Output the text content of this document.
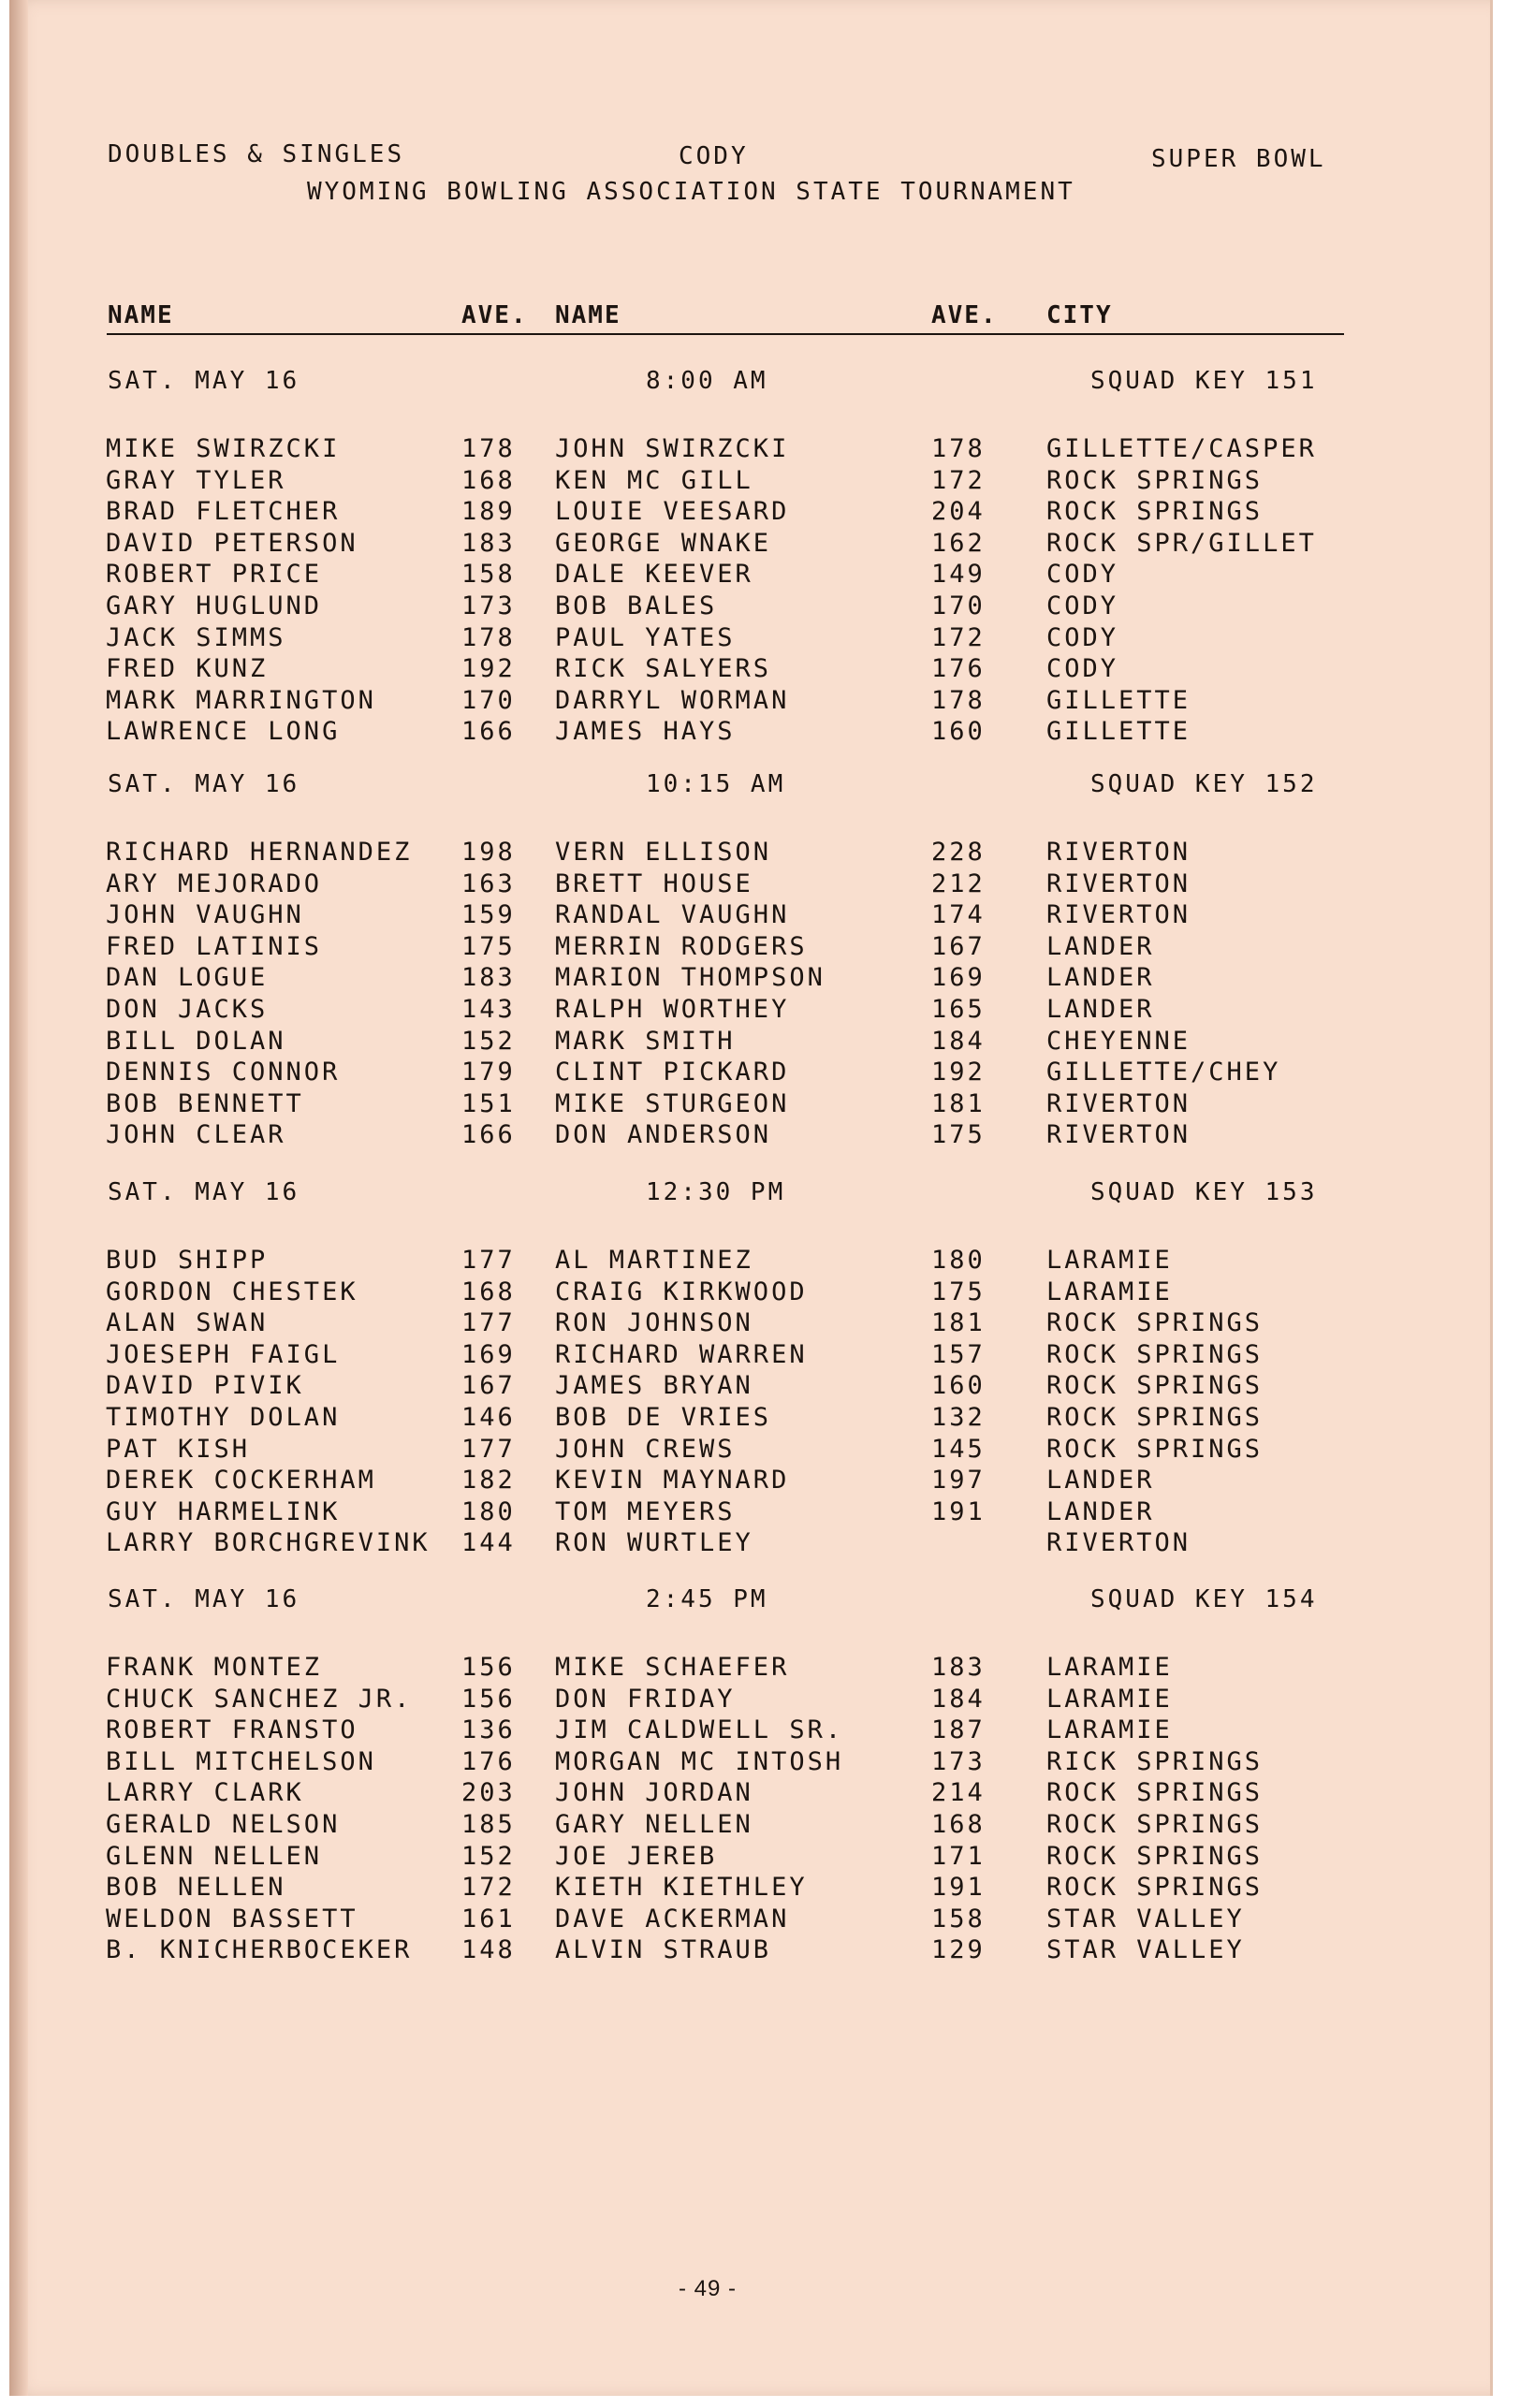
DOUBLES & SINGLES	CODY	SUPER BOWL
WYOMING BOWLING ASSOCIATION STATE TOURNAMENT
NAME	AVE. NAME	AVE. CITY
SAT. MAY 16	8:00 AM	SQUAD KEY 151
MIKE SWIRZCKI	178 JOHN SWIRZCKI	178 GILLETTE/CASPER
GRAY TYLER	168 KEN MC GILL	172 ROCK SPRINGS
BRAD FLETCHER	189 LOUIE VEESARD	204 ROCK SPRINGS
DAVID PETERSON	183 GEORGE WNAKE	162 ROCK SPR/GILLET
ROBERT PRICE	158 DALE KEEVER	149 CODY
GARY HUGLUND	173 BOB BALES	170 CODY
JACK SIMMS	178 PAUL YATES	172 CODY
FRED KUNZ	192 RICK SALYERS	176 CODY
MARK MARRINGTON	170 DARRYL WORMAN	178 GILLETTE
LAWRENCE LONG	166 JAMES HAYS	160 GILLETTE
SAT. MAY 16	10:15 AM	SQUAD KEY 152
RICHARD HERNANDEZ 198 VERN ELLISON	228 RIVERTON
ARY MEJORADO	163 BRETT HOUSE	212 RIVERTON
JOHN VAUGHN	159 RANDAL VAUGHN	174 RIVERTON
FRED LATINIS	175 MERRIN RODGERS	167 LANDER
DAN LOGUE	183 MARION THOMPSON	169 LANDER
DON JACKS	143 RALPH WORTHEY	165 LANDER
BILL DOLAN	152 MARK SMITH	184 CHEYENNE
DENNIS CONNOR	179 CLINT PICKARD	192 GILLETTE/CHEY
BOB BENNETT	151 MIKE STURGEON	181 RIVERTON
JOHN CLEAR	166 DON ANDERSON	175 RIVERTON
SAT. MAY 16	12:30 PM	SQUAD KEY 153
BUD SHIPP	177 AL MARTINEZ	180 LARAMIE
GORDON CHESTEK	168 CRAIG KIRKWOOD	175 LARAMIE
ALAN SWAN	177 RON JOHNSON	181 ROCK SPRINGS
JOESEPH FAIGL	169 RICHARD WARREN	157 ROCK SPRINGS
DAVID PIVIK	167 JAMES BRYAN	160 ROCK SPRINGS
TIMOTHY DOLAN	146 BOB DE VRIES	132 ROCK SPRINGS
PAT KISH	177 JOHN CREWS	145 ROCK SPRINGS
DEREK COCKERHAM	182 KEVIN MAYNARD	197 LANDER
GUY HARMELINK	180 TOM MEYERS	191 LANDER
LARRY BORCHGREVINK 144 RON WURTLEY	RIVERTON
SAT. MAY 16	2:45 PM	SQUAD KEY 154
FRANK MONTEZ	156 MIKE SCHAEFER	183 LARAMIE
CHUCK SANCHEZ JR. 156 DON FRIDAY	184 LARAMIE
ROBERT FRANSTO	136 JIM CALDWELL SR.	187 LARAMIE
BILL MITCHELSON	176 MORGAN MC INTOSH	173 RICK SPRINGS
LARRY CLARK	203 JOHN JORDAN	214 ROCK SPRINGS
GERALD NELSON	185 GARY NELLEN	168 ROCK SPRINGS
GLENN NELLEN	152 JOE JEREB	171 ROCK SPRINGS
BOB NELLEN	172 KIETH KIETHLEY	191 ROCK SPRINGS
WELDON BASSETT	161 DAVE ACKERMAN	158 STAR VALLEY
B. KNICHERBOCEKER 148 ALVIN STRAUB	129 STAR VALLEY
- 49 -
